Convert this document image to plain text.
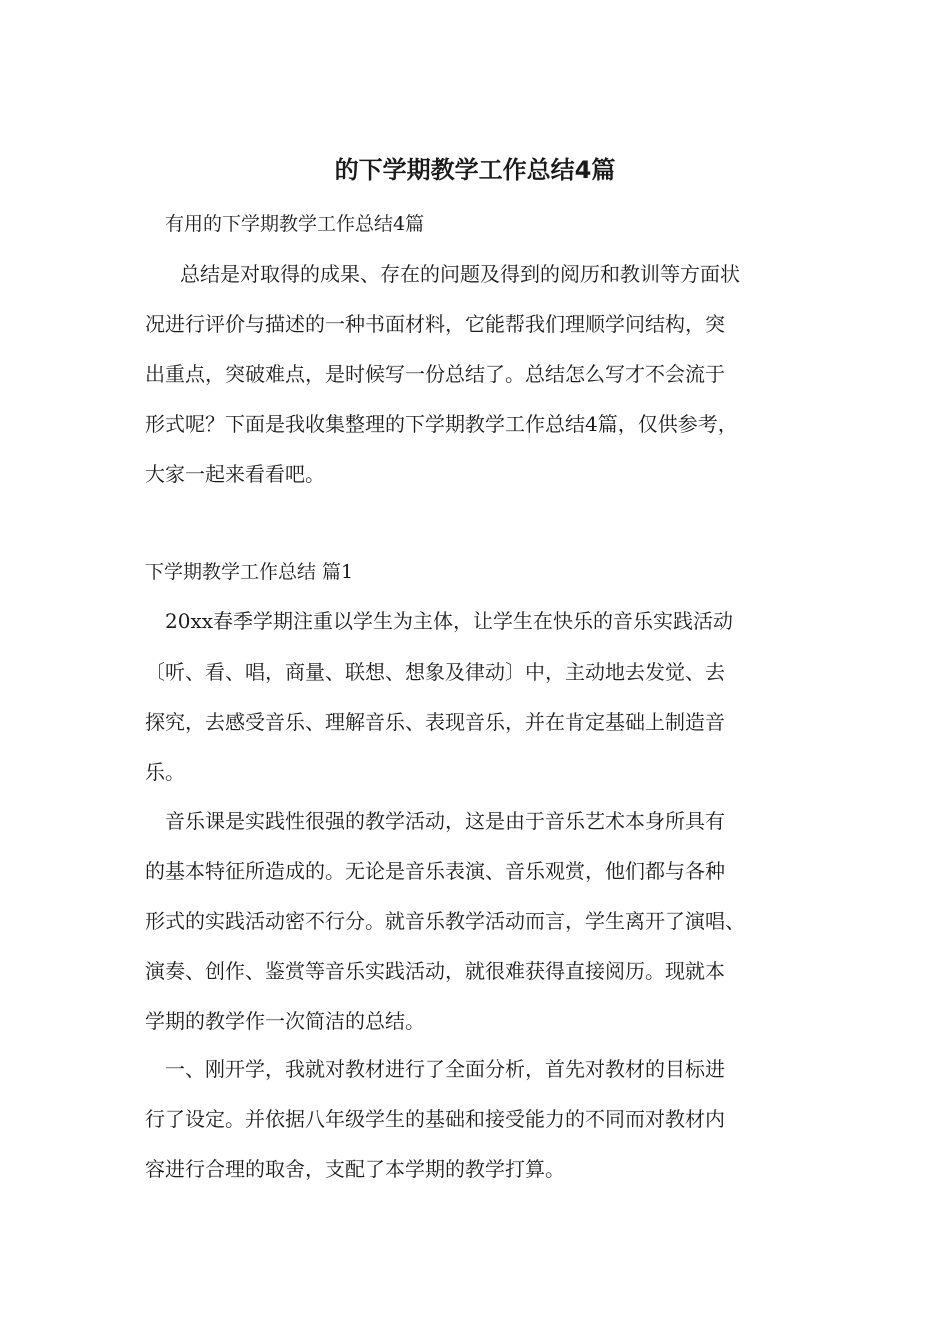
的下学期教学工作总结4篇

有用的下学期教学工作总结4篇

总结是对取得的成果、存在的问题及得到的阅历和教训等方面状

况进行评价与描述的一种书面材料，它能帮我们理顺学问结构，突

出重点，突破难点，是时候写一份总结了。总结怎么写才不会流于

形式呢？下面是我收集整理的下学期教学工作总结4篇，仅供参考，

大家一起来看看吧。

下学期教学工作总结 篇1

20xx春季学期注重以学生为主体，让学生在快乐的音乐实践活动

〔听、看、唱，商量、联想、想象及律动〕中，主动地去发觉、去

探究，去感受音乐、理解音乐、表现音乐，并在肯定基础上制造音

乐。

音乐课是实践性很强的教学活动，这是由于音乐艺术本身所具有

的基本特征所造成的。无论是音乐表演、音乐观赏，他们都与各种

形式的实践活动密不行分。就音乐教学活动而言，学生离开了演唱、

演奏、创作、鉴赏等音乐实践活动，就很难获得直接阅历。现就本

学期的教学作一次简洁的总结。

一、刚开学，我就对教材进行了全面分析，首先对教材的目标进

行了设定。并依据八年级学生的基础和接受能力的不同而对教材内

容进行合理的取舍，支配了本学期的教学打算。
